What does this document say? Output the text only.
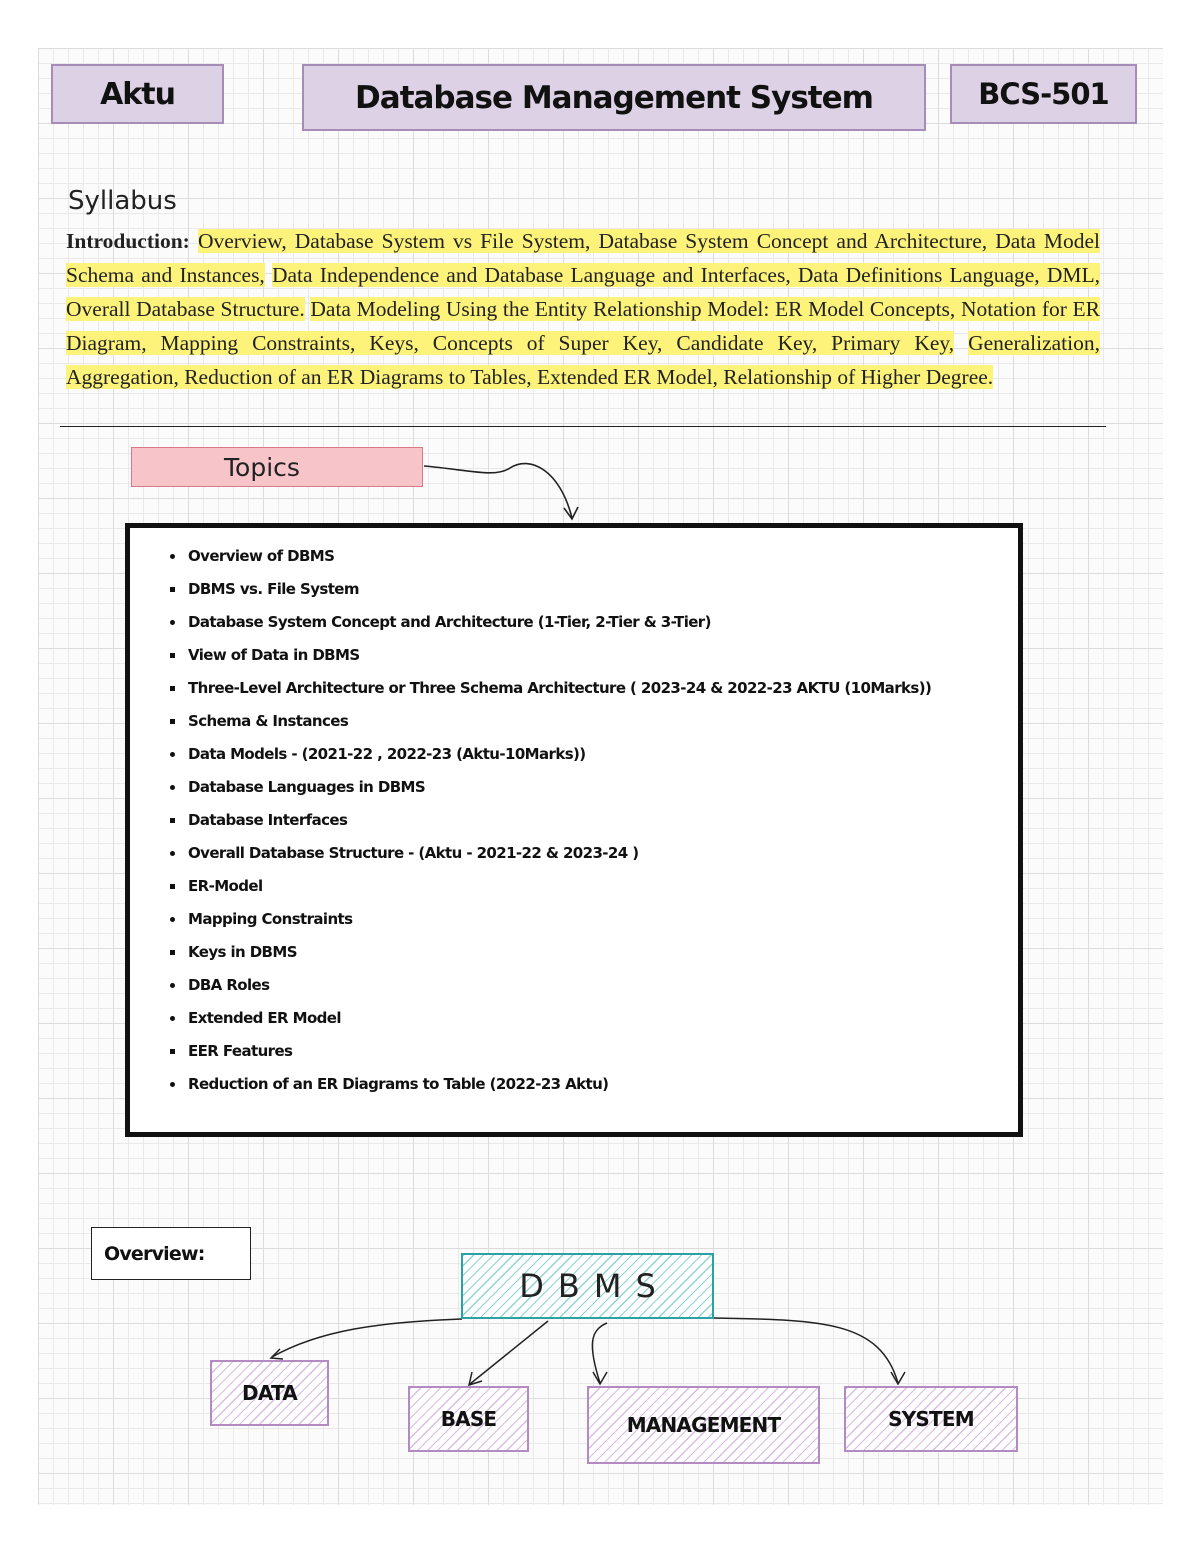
Aktu	Database Management System	BCS-501
Syllabus
Introduction: Overview, Database System vs File System, Database System Concept and Architecture, Data Model Schema and Instances, Data Independence and Database Language and Interfaces, Data Definitions Language, DML, Overall Database Structure. Data Modeling Using the Entity Relationship Model: ER Model Concepts, Notation for ER Diagram, Mapping Constraints, Keys, Concepts of Super Key, Candidate Key, Primary Key, Generalization, Aggregation, Reduction of an ER Diagrams to Tables, Extended ER Model, Relationship of Higher Degree.
Topics
• Overview of DBMS
▪ DBMS vs. File System
• Database System Concept and Architecture (1-Tier, 2-Tier & 3-Tier)
▪ View of Data in DBMS
▪ Three-Level Architecture or Three Schema Architecture ( 2023-24 & 2022-23 AKTU (10Marks))
▪ Schema & Instances
• Data Models - (2021-22 , 2022-23 (Aktu-10Marks))
• Database Languages in DBMS
▪ Database Interfaces
• Overall Database Structure - (Aktu - 2021-22 & 2023-24 )
▪ ER-Model
• Mapping Constraints
▪ Keys in DBMS
• DBA Roles
• Extended ER Model
▪ EER Features
• Reduction of an ER Diagrams to Table (2022-23 Aktu)
Overview:
DBMS
DATA
BASE	MANAGEMENT	SYSTEM
